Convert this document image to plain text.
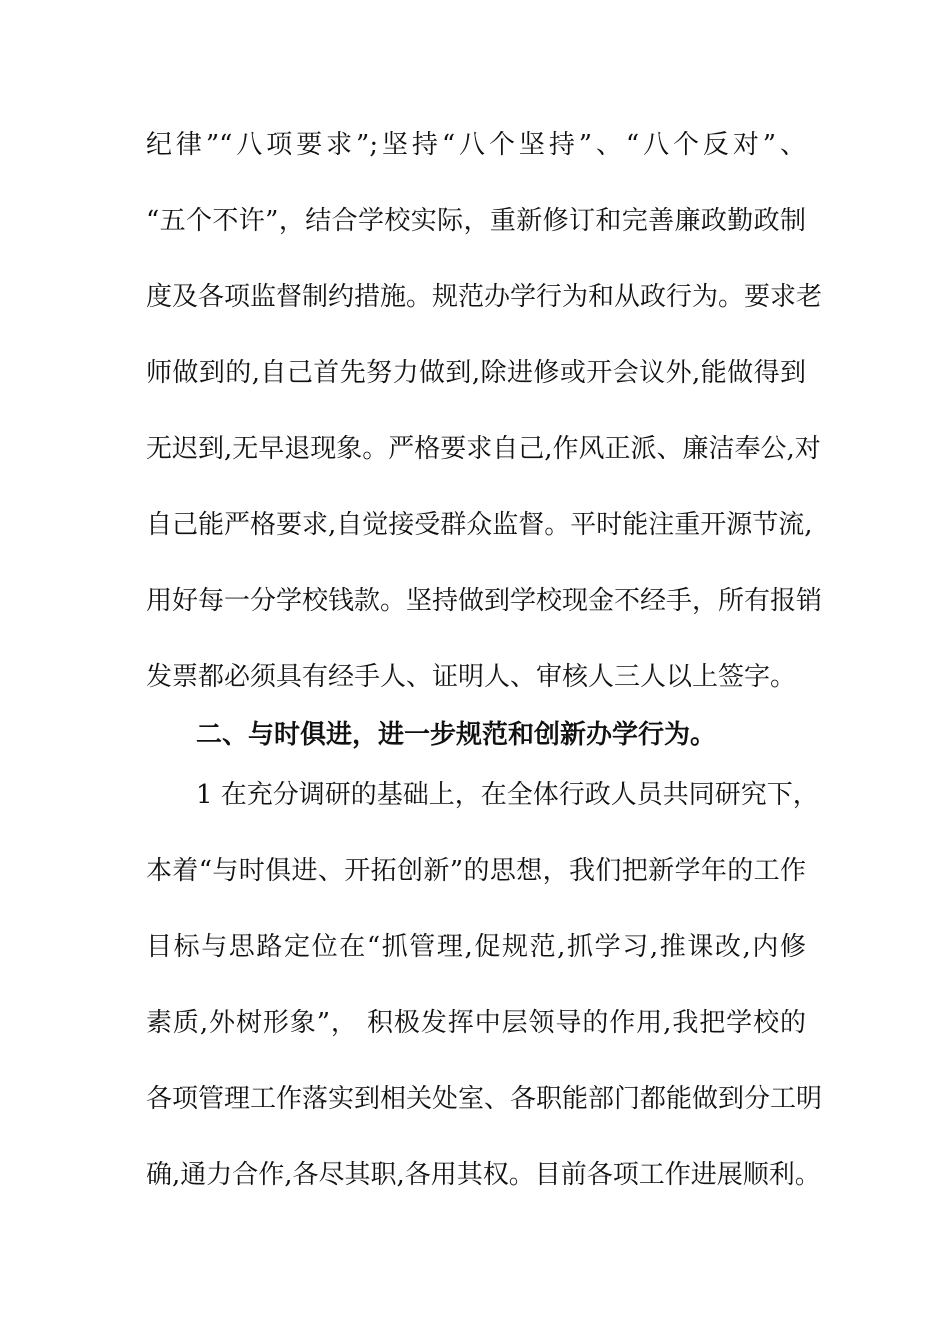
纪律”“八项要求”;坚持“八个坚持”、“八个反对”、
“五个不许”，结合学校实际，重新修订和完善廉政勤政制
度及各项监督制约措施。规范办学行为和从政行为。要求老
师做到的,自己首先努力做到,除进修或开会议外,能做得到
无迟到,无早退现象。严格要求自己,作风正派、廉洁奉公,对
自己能严格要求,自觉接受群众监督。平时能注重开源节流,
用好每一分学校钱款。坚持做到学校现金不经手，所有报销
发票都必须具有经手人、证明人、审核人三人以上签字。
二、与时俱进，进一步规范和创新办学行为。
1 在充分调研的基础上，在全体行政人员共同研究下，
本着“与时俱进、开拓创新”的思想，我们把新学年的工作
目标与思路定位在“抓管理,促规范,抓学习,推课改,内修
素质,外树形象”， 积极发挥中层领导的作用,我把学校的
各项管理工作落实到相关处室、各职能部门都能做到分工明
确,通力合作,各尽其职,各用其权。目前各项工作进展顺利。
